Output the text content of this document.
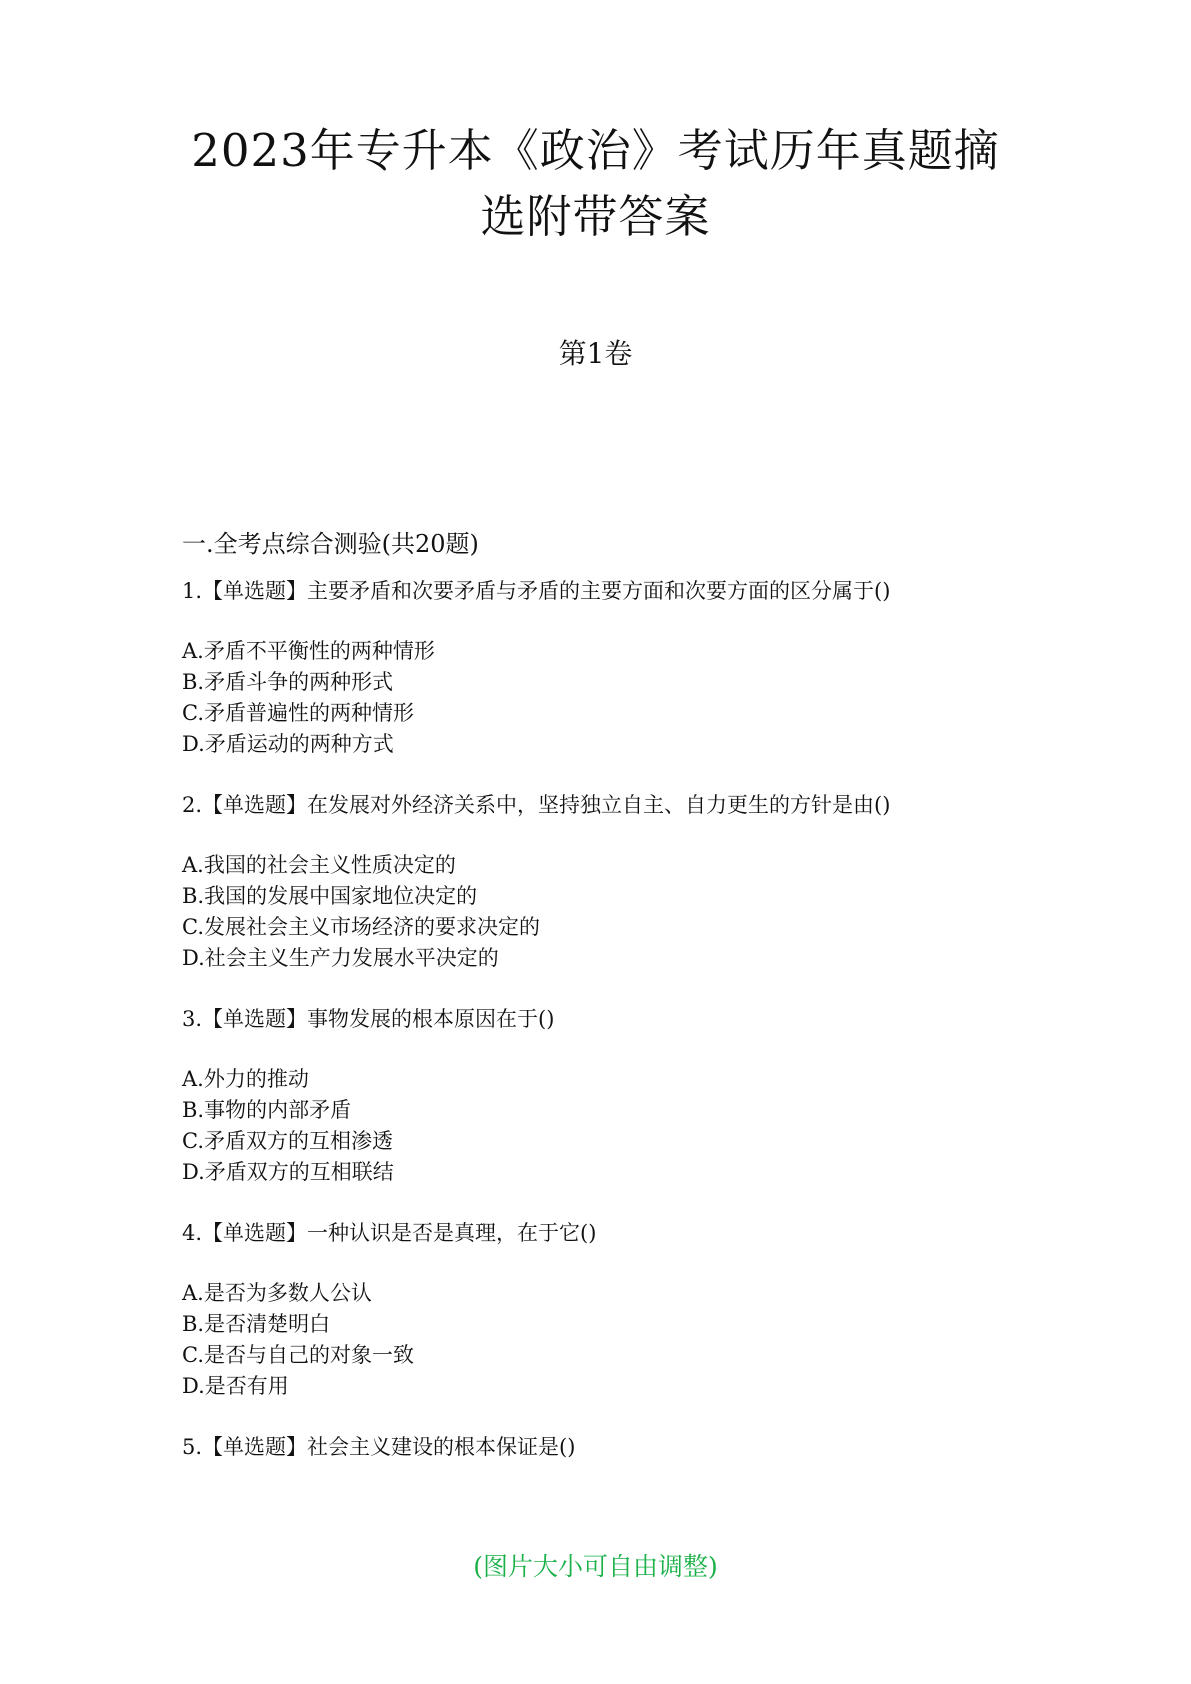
2023年专升本《政治》考试历年真题摘
选附带答案
第1卷
一.全考点综合测验(共20题)
1.【单选题】主要矛盾和次要矛盾与矛盾的主要方面和次要方面的区分属于()
A.矛盾不平衡性的两种情形
B.矛盾斗争的两种形式
C.矛盾普遍性的两种情形
D.矛盾运动的两种方式
2.【单选题】在发展对外经济关系中，坚持独立自主、自力更生的方针是由()
A.我国的社会主义性质决定的
B.我国的发展中国家地位决定的
C.发展社会主义市场经济的要求决定的
D.社会主义生产力发展水平决定的
3.【单选题】事物发展的根本原因在于()
A.外力的推动
B.事物的内部矛盾
C.矛盾双方的互相渗透
D.矛盾双方的互相联结
4.【单选题】一种认识是否是真理，在于它()
A.是否为多数人公认
B.是否清楚明白
C.是否与自己的对象一致
D.是否有用
5.【单选题】社会主义建设的根本保证是()
(图片大小可自由调整)
